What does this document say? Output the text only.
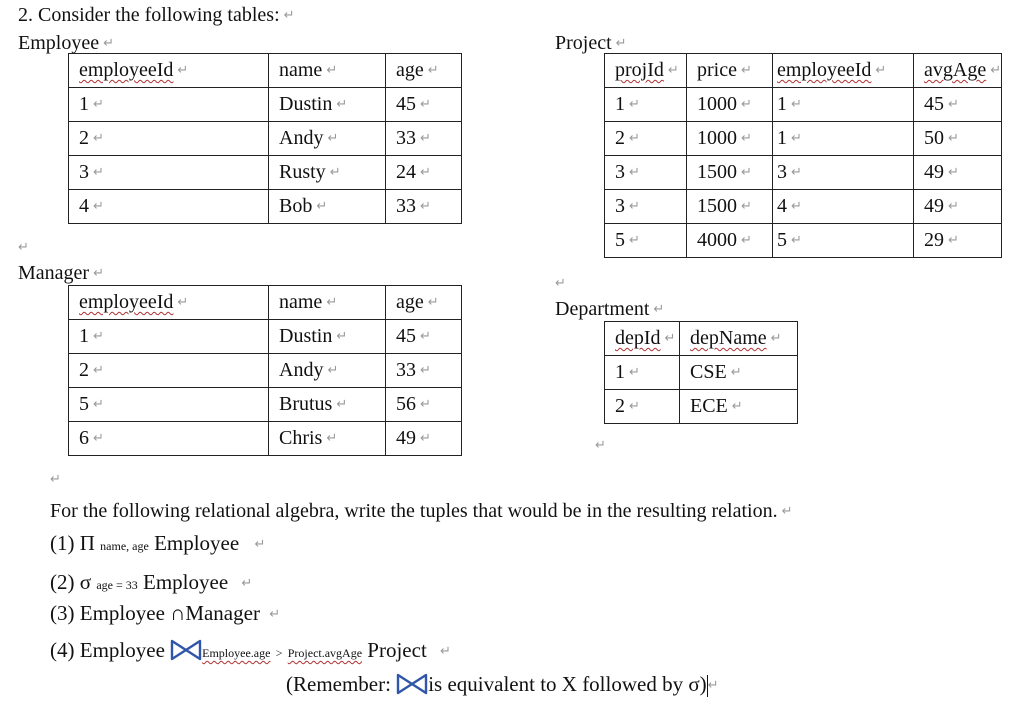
2. Consider the following tables: ↵
Employee ↵
employeeId ↵	name ↵	age ↵
1 ↵	Dustin ↵	45 ↵
2 ↵	Andy ↵	33 ↵
3 ↵	Rusty ↵	24 ↵
4 ↵	Bob ↵	33 ↵
Project ↵
projId ↵	price ↵	employeeId ↵	avgAge ↵
1 ↵	1000 ↵	1 ↵	45 ↵
2 ↵	1000 ↵	1 ↵	50 ↵
3 ↵	1500 ↵	3 ↵	49 ↵
3 ↵	1500 ↵	4 ↵	49 ↵
5 ↵	4000 ↵	5 ↵	29 ↵
↵
↵
Manager ↵
employeeId ↵	name ↵	age ↵
1 ↵	Dustin ↵	45 ↵
2 ↵	Andy ↵	33 ↵
5 ↵	Brutus ↵	56 ↵
6 ↵	Chris ↵	49 ↵
Department ↵
depId ↵	depName ↵
1 ↵	CSE ↵
2 ↵	ECE ↵
↵
↵
For the following relational algebra, write the tuples that would be in the resulting relation. ↵
(1) Π name, age Employee ↵
(2) σ age = 33 Employee ↵
(3) Employee ∩Manager ↵
(4) Employee	Employee.age > Project.avgAge Project ↵
(Remember: is equivalent to X followed by σ)↵
